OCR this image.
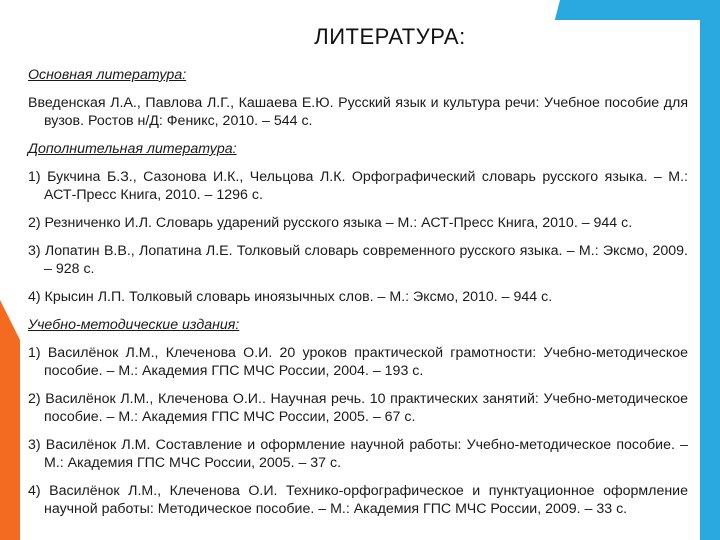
ЛИТЕРАТУРА:
Основная литература:
Введенская Л.А., Павлова Л.Г., Кашаева Е.Ю. Русский язык и культура речи: Учебное пособие для вузов. Ростов н/Д: Феникс, 2010. – 544 с.
Дополнительная литература:
1) Букчина Б.З., Сазонова И.К., Чельцова Л.К. Орфографический словарь русского языка. – М.: АСТ-Пресс Книга, 2010. – 1296 с.
2) Резниченко И.Л. Словарь ударений русского языка – М.: АСТ-Пресс Книга, 2010. – 944 с.
3) Лопатин В.В., Лопатина Л.Е. Толковый словарь современного русского языка. – М.: Эксмо, 2009. – 928 с.
4) Крысин Л.П. Толковый словарь иноязычных слов. – М.: Эксмо, 2010. – 944 с.
Учебно-методические издания:
1) Василёнок Л.М., Клеченова О.И. 20 уроков практической грамотности: Учебно-методическое пособие. – М.: Академия ГПС МЧС России, 2004. – 193 с.
2) Василёнок Л.М., Клеченова О.И.. Научная речь. 10 практических занятий: Учебно-методическое пособие. – М.: Академия ГПС МЧС России, 2005. – 67 с.
3) Василёнок Л.М. Составление и оформление научной работы: Учебно-методическое пособие. – М.: Академия ГПС МЧС России, 2005. – 37 с.
4) Василёнок Л.М., Клеченова О.И. Технико-орфографическое и пунктуационное оформление научной работы: Методическое пособие. – М.: Академия ГПС МЧС России, 2009. – 33 с.
